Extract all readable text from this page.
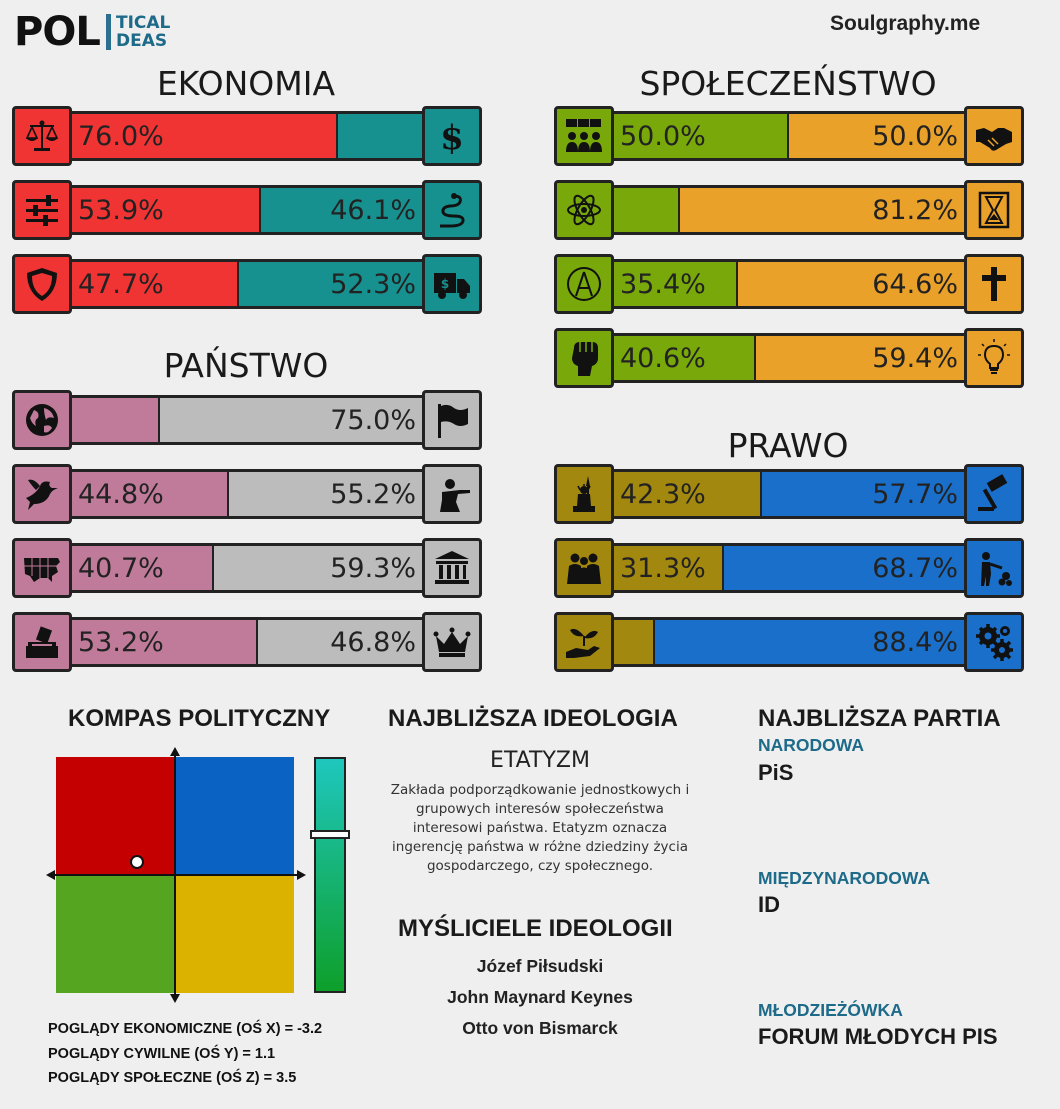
POL TICAL
DEAS
Soulgraphy.me
EKONOMIA
PAŃSTWO
SPOŁECZEŃSTWO
PRAWO
76.0%	$
53.9%	46.1%
47.7%	52.3%	$
75.0%
44.8%	55.2%
40.7%	59.3%
53.2%	46.8%
50.0%	50.0%
81.2%
35.4%	64.6%
40.6%	59.4%
42.3%	57.7%
31.3%	68.7%
88.4%
KOMPAS POLITYCZNY
POGLĄDY EKONOMICZNE (OŚ X) = -3.2
POGLĄDY CYWILNE (OŚ Y) = 1.1
POGLĄDY SPOŁECZNE (OŚ Z) = 3.5
NAJBLIŻSZA IDEOLOGIA
ETATYZM
Zakłada podporządkowanie jednostkowych i grupowych interesów społeczeństwa interesowi państwa. Etatyzm oznacza ingerencję państwa w różne dziedziny życia gospodarczego, czy społecznego.
MYŚLICIELE IDEOLOGII
Józef Piłsudski
John Maynard Keynes
Otto von Bismarck
NAJBLIŻSZA PARTIA
NARODOWA
PiS
MIĘDZYNARODOWA
ID
MŁODZIEŻÓWKA
FORUM MŁODYCH PIS
